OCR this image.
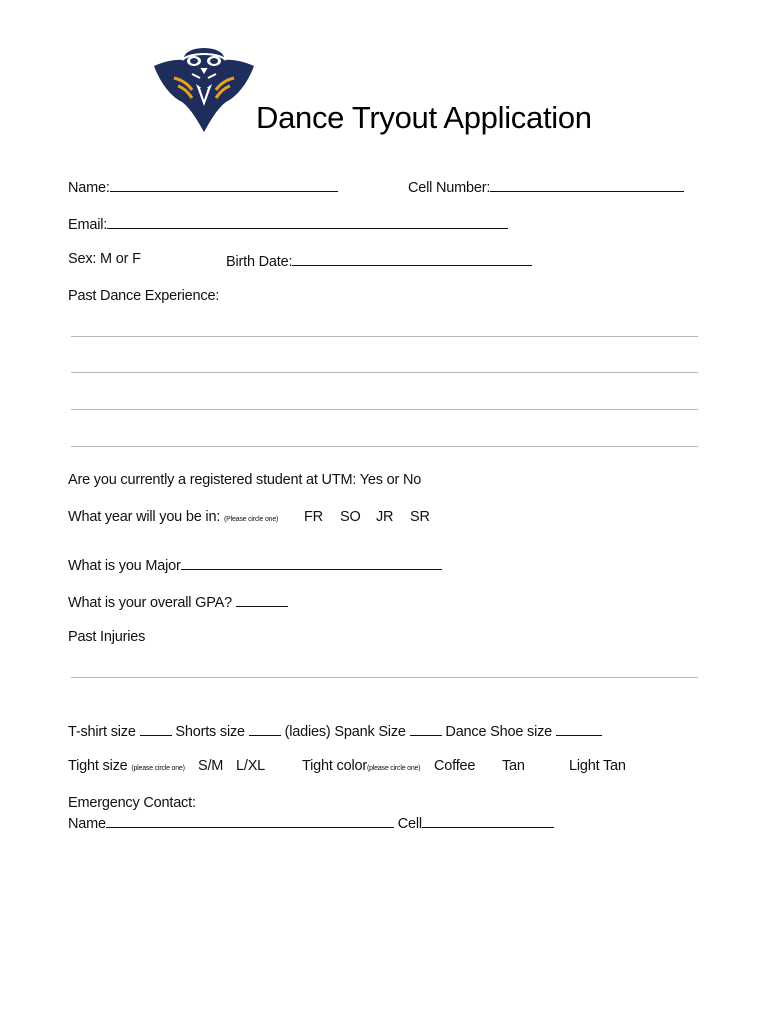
Dance Tryout Application
Name:	Cell Number:
Email:
Sex: M or F	Birth Date:
Past Dance Experience:
Are you currently a registered student at UTM: Yes or No
What year will you be in: (Please circle one) FR SO JR SR
What is you Major
What is your overall GPA?
Past Injuries
T-shirt size	Shorts size	(ladies) Spank Size	Dance Shoe size
Tight size (please circle one) S/M L/XL	Tight color(please circle one) Coffee Tan	Light Tan
Emergency Contact:
Name	Cell
